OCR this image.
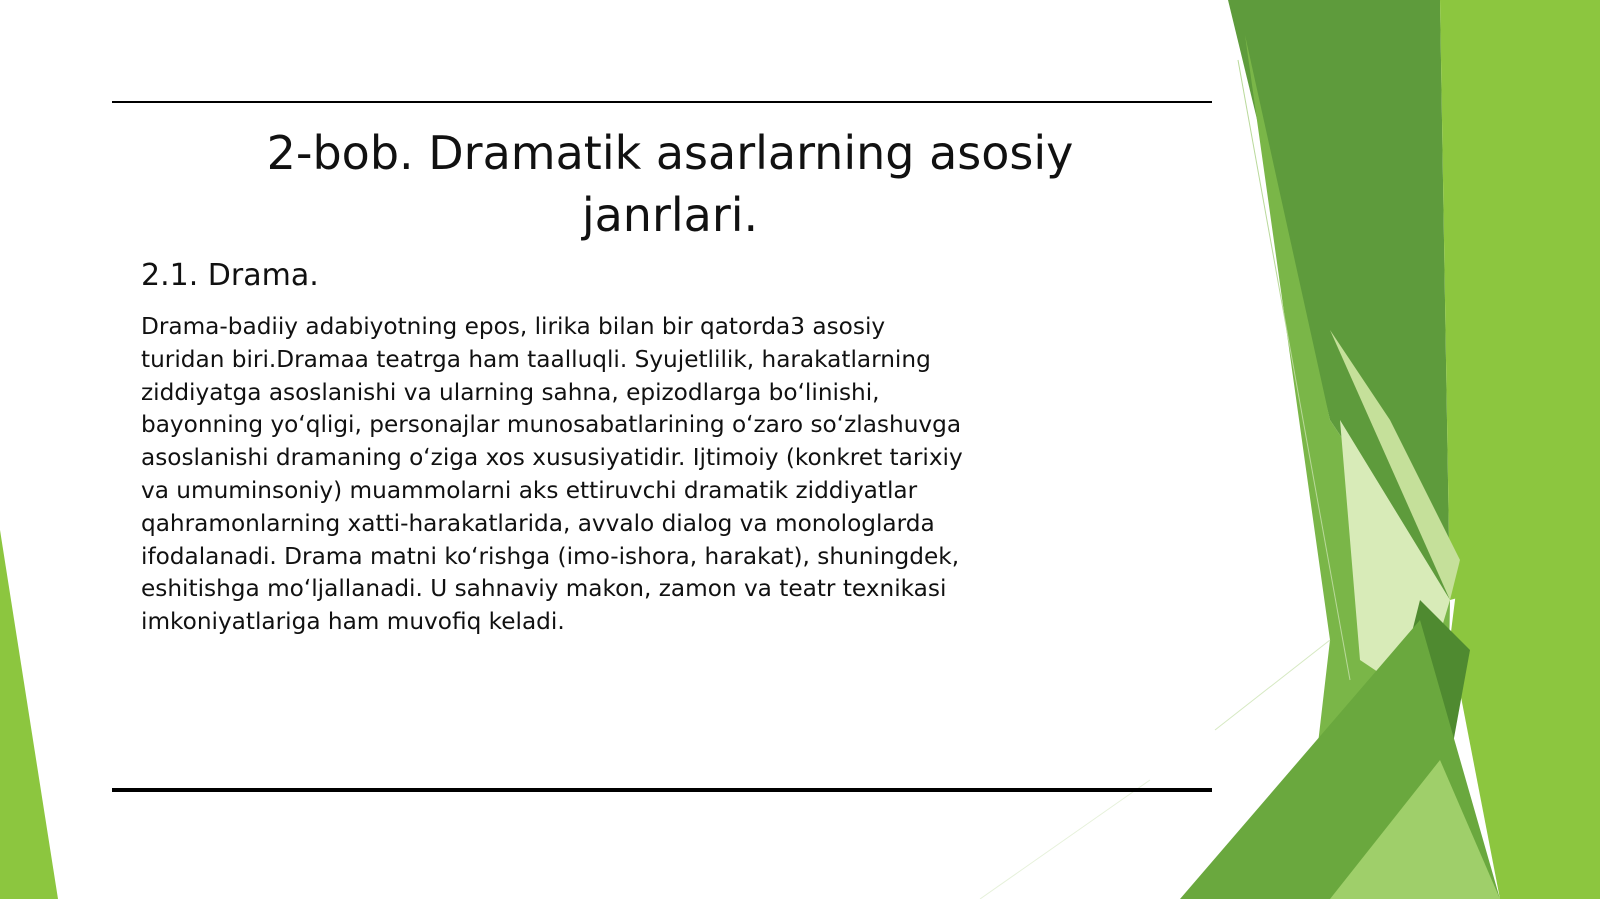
2-bob. Dramatik asarlarning asosiy
janrlari.
2.1. Drama.
Drama-badiiy adabiyotning epos, lirika bilan bir qatorda3 asosiy
turidan biri.Dramaa teatrga ham taalluqli. Syujetlilik, harakatlarning
ziddiyatga asoslanishi va ularning sahna, epizodlarga boʻlinishi,
bayonning yoʻqligi, personajlar munosabatlarining oʻzaro soʻzlashuvga
asoslanishi dramaning oʻziga xos xususiyatidir. Ijtimoiy (konkret tarixiy
va umuminsoniy) muammolarni aks ettiruvchi dramatik ziddiyatlar
qahramonlarning xatti-harakatlarida, avvalo dialog va monologlarda
ifodalanadi. Drama matni koʻrishga (imo-ishora, harakat), shuningdek,
eshitishga moʻljallanadi. U sahnaviy makon, zamon va teatr texnikasi
imkoniyatlariga ham muvofiq keladi.
